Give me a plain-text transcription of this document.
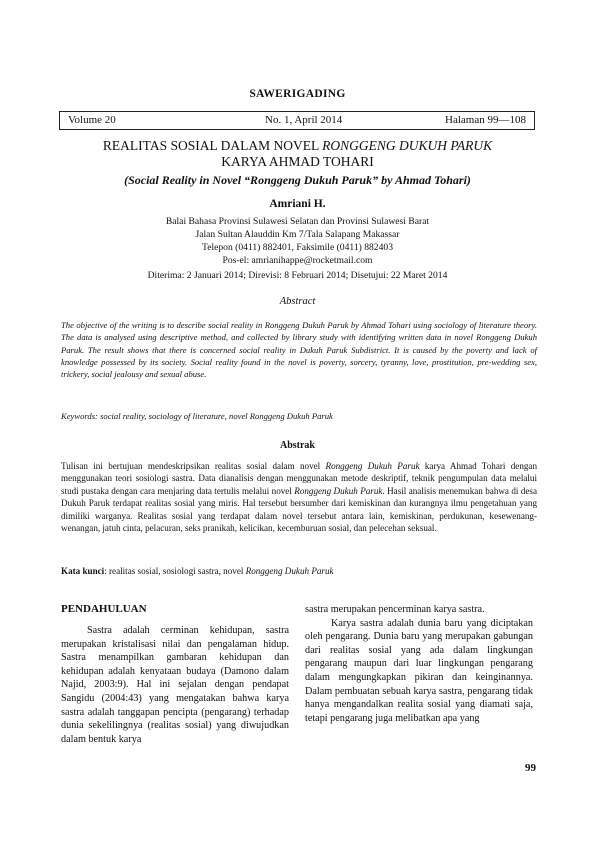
SAWERIGADING
Volume 20	No. 1, April 2014	Halaman 99—108
REALITAS SOSIAL DALAM NOVEL RONGGENG DUKUH PARUK
KARYA AHMAD TOHARI
(Social Reality in Novel “Ronggeng Dukuh Paruk” by Ahmad Tohari)
Amriani H.
Balai Bahasa Provinsi Sulawesi Selatan dan Provinsi Sulawesi Barat
Jalan Sultan Alauddin Km 7/Tala Salapang Makassar
Telepon (0411) 882401, Faksimile (0411) 882403
Pos-el: amrianihappe@rocketmail.com
Diterima: 2 Januari 2014; Direvisi: 8 Februari 2014; Disetujui: 22 Maret 2014
Abstract
The objective of the writing is to describe social reality in Ronggeng Dukuh Paruk by Ahmad Tohari using sociology of literature theory. The data is analysed using descriptive method, and collected by library study with identifying written data in novel Ronggeng Dukuh Paruk. The result shows that there is concerned social reality in Dukuh Paruk Subdistrict. It is caused by the poverty and lack of knowledge possessed by its society. Social reality found in the novel is poverty, sorcery, tyranny, love, prostitution, pre-wedding sex, trickery, social jealousy and sexual abuse.
Keywords: social reality, sociology of literature, novel Ronggeng Dukuh Paruk
Abstrak
Tulisan ini bertujuan mendeskripsikan realitas sosial dalam novel Ronggeng Dukuh Paruk karya Ahmad Tohari dengan menggunakan teori sosiologi sastra. Data dianalisis dengan menggunakan metode deskriptif, teknik pengumpulan data melalui studi pustaka dengan cara menjaring data tertulis melalui novel Ronggeng Dukuh Paruk. Hasil analisis menemukan bahwa di desa Dukuh Paruk terdapat realitas sosial yang miris. Hal tersebut bersumber dari kemiskinan dan kurangnya ilmu pengetahuan yang dimiliki warganya. Realitas sosial yang terdapat dalam novel tersebut antara lain, kemiskinan, perdukunan, kesewenang-wenangan, jatuh cinta, pelacuran, seks pranikah, kelicikan, kecemburuan sosial, dan pelecehan seksual.
Kata kunci: realitas sosial, sosiologi sastra, novel Ronggeng Dukuh Paruk
PENDAHULUAN

Sastra adalah cerminan kehidupan, sastra merupakan kristalisasi nilai dan pengalaman hidup. Sastra menampilkan gambaran kehidupan dan kehidupan adalah kenyataan budaya (Damono dalam Najid, 2003:9). Hal ini sejalan dengan pendapat Sangidu (2004:43) yang mengatakan bahwa karya sastra adalah tanggapan pencipta (pengarang) terhadap dunia sekelilingnya (realitas sosial) yang diwujudkan dalam bentuk karya

sastra merupakan pencerminan karya sastra.

Karya sastra adalah dunia baru yang diciptakan oleh pengarang. Dunia baru yang merupakan gabungan dari realitas sosial yang ada dalam lingkungan pengarang maupun dari luar lingkungan pengarang dalam mengungkapkan pikiran dan keinginannya. Dalam pembuatan sebuah karya sastra, pengarang tidak hanya mengandalkan realita sosial yang diamati saja, tetapi pengarang juga melibatkan apa yang

99
